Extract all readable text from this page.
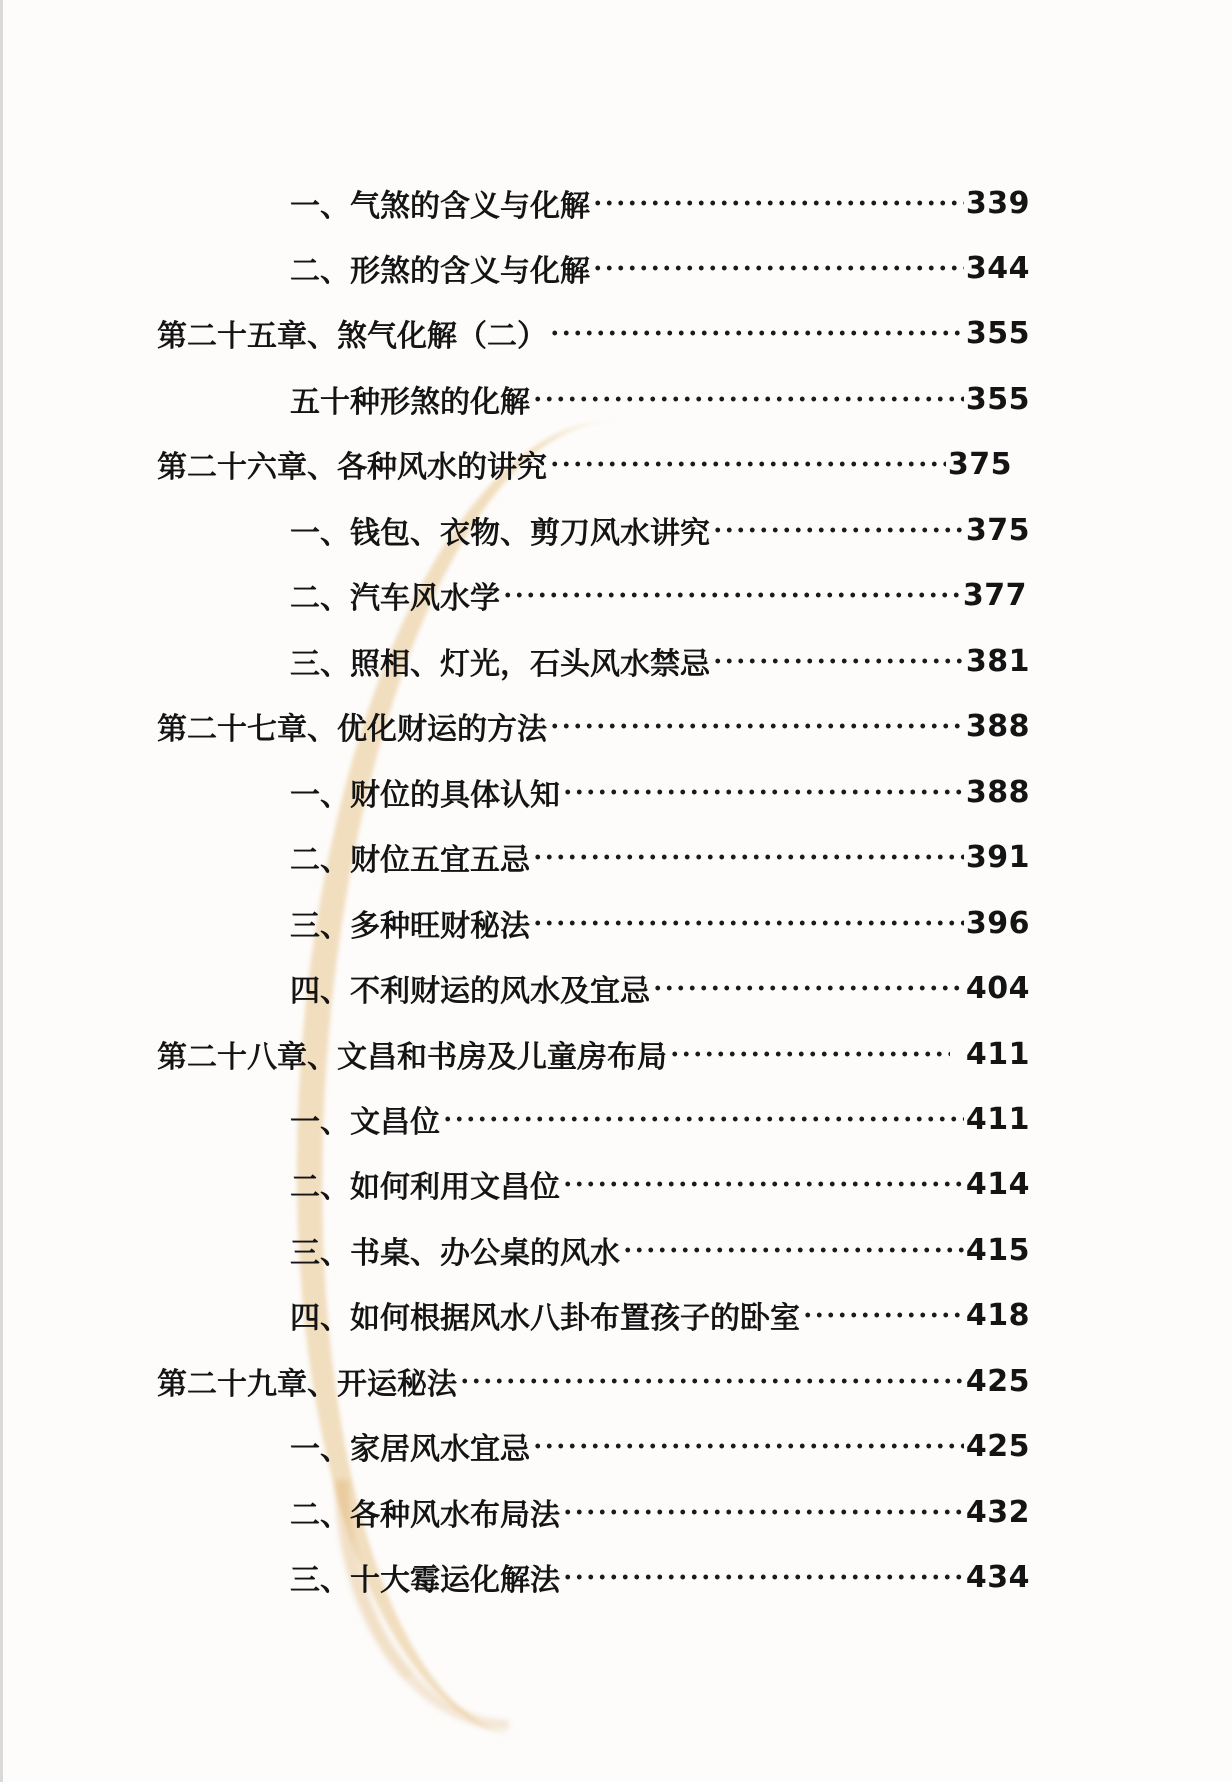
一、气煞的含义与化解	339
二、形煞的含义与化解	344
第二十五章、煞气化解（二）	355
五十种形煞的化解	355
第二十六章、各种风水的讲究	375
一、钱包、衣物、剪刀风水讲究	375
二、汽车风水学	377
三、照相、灯光，石头风水禁忌	381
第二十七章、优化财运的方法	388
一、财位的具体认知	388
二、财位五宜五忌	391
三、多种旺财秘法	396
四、不利财运的风水及宜忌	404
第二十八章、文昌和书房及儿童房布局	411
一、文昌位	411
二、如何利用文昌位	414
三、书桌、办公桌的风水	415
四、如何根据风水八卦布置孩子的卧室	418
第二十九章、开运秘法	425
一、家居风水宜忌	425
二、各种风水布局法	432
三、十大霉运化解法	434
